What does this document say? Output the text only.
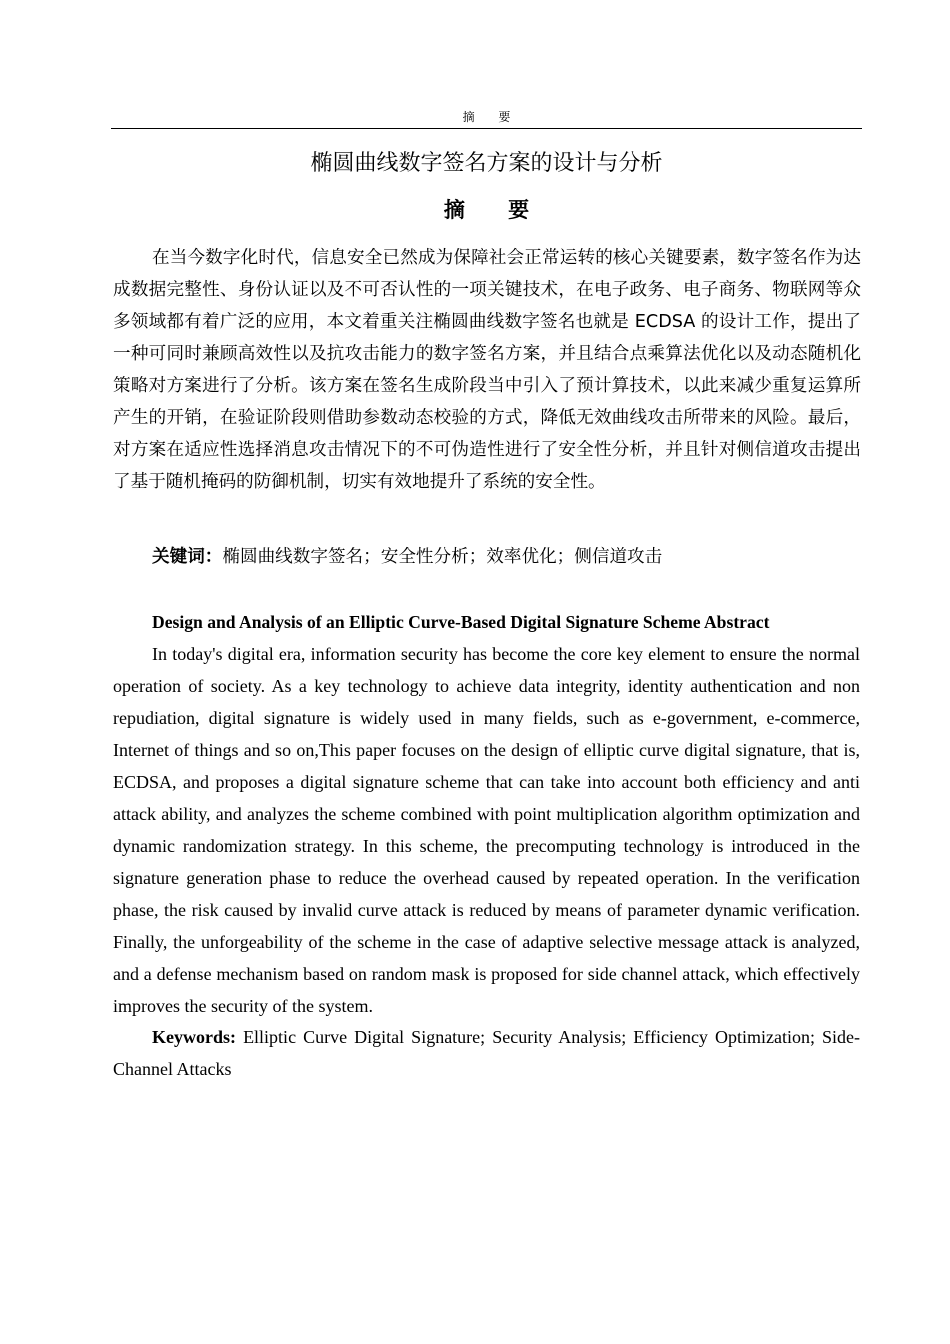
摘 要
椭圆曲线数字签名方案的设计与分析
摘 要

在当今数字化时代，信息安全已然成为保障社会正常运转的核心关键要素，数字签名作为达成数据完整性、身份认证以及不可否认性的一项关键技术，在电子政务、电子商务、物联网等众多领域都有着广泛的应用，本文着重关注椭圆曲线数字签名也就是 ECDSA 的设计工作，提出了一种可同时兼顾高效性以及抗攻击能力的数字签名方案，并且结合点乘算法优化以及动态随机化策略对方案进行了分析。该方案在签名生成阶段当中引入了预计算技术，以此来减少重复运算所产生的开销，在验证阶段则借助参数动态校验的方式，降低无效曲线攻击所带来的风险。最后，对方案在适应性选择消息攻击情况下的不可伪造性进行了安全性分析，并且针对侧信道攻击提出了基于随机掩码的防御机制，切实有效地提升了系统的安全性。

关键词：椭圆曲线数字签名；安全性分析；效率优化；侧信道攻击

Design and Analysis of an Elliptic Curve-Based Digital Signature Scheme Abstract

In today's digital era, information security has become the core key element to ensure the normal operation of society. As a key technology to achieve data integrity, identity authentication and non repudiation, digital signature is widely used in many fields, such as e-government, e-commerce, Internet of things and so on,This paper focuses on the design of elliptic curve digital signature, that is, ECDSA, and proposes a digital signature scheme that can take into account both efficiency and anti attack ability, and analyzes the scheme combined with point multiplication algorithm optimization and dynamic randomization strategy. In this scheme, the precomputing technology is introduced in the signature generation phase to reduce the overhead caused by repeated operation. In the verification phase, the risk caused by invalid curve attack is reduced by means of parameter dynamic verification. Finally, the unforgeability of the scheme in the case of adaptive selective message attack is analyzed, and a defense mechanism based on random mask is proposed for side channel attack, which effectively improves the security of the system.

Keywords: Elliptic Curve Digital Signature; Security Analysis; Efficiency Optimization; Side-Channel Attacks
